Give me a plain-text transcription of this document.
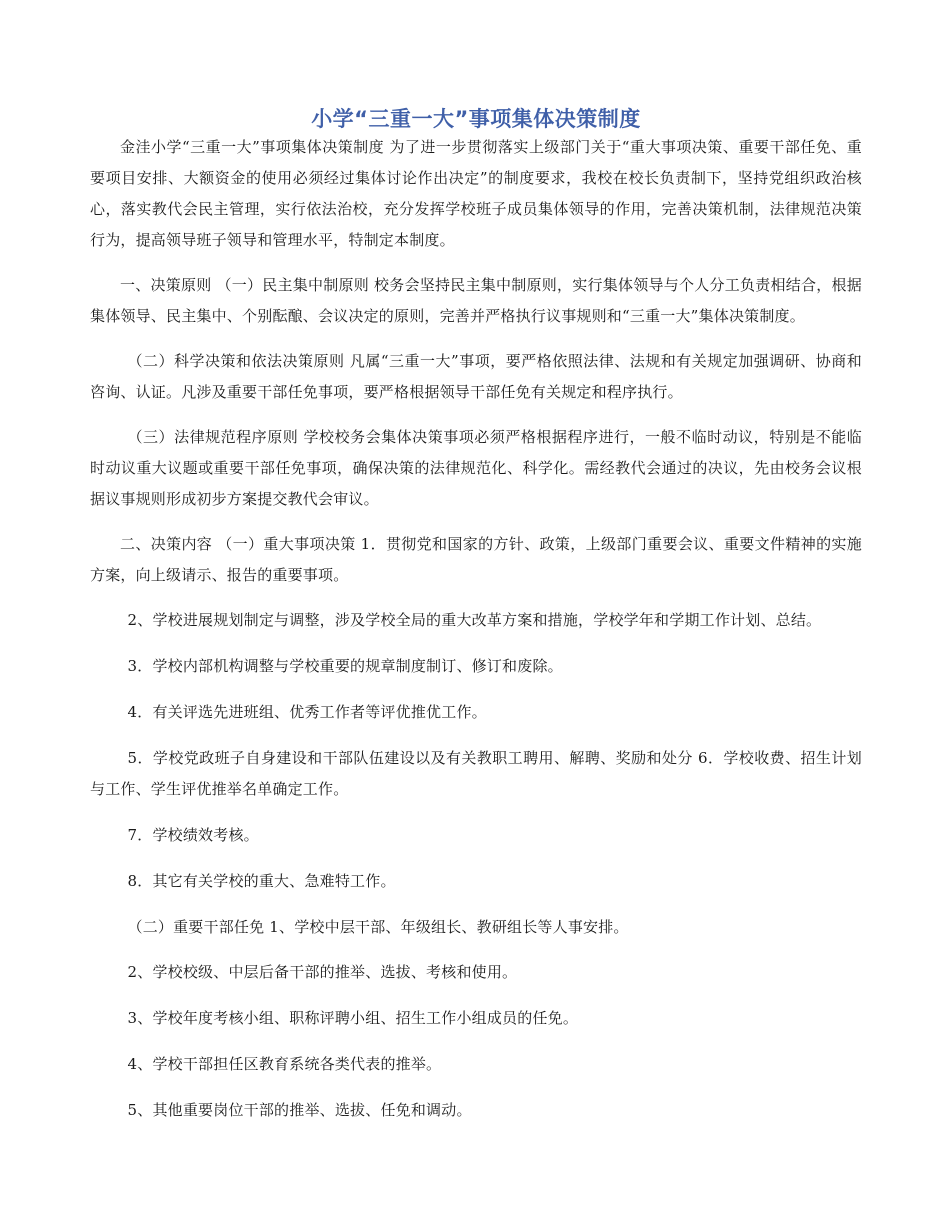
小学“三重一大”事项集体决策制度

金洼小学“三重一大”事项集体决策制度 为了进一步贯彻落实上级部门关于“重大事项决策、重要干部任免、重要项目安排、大额资金的使用必须经过集体讨论作出决定”的制度要求，我校在校长负责制下，坚持党组织政治核心，落实教代会民主管理，实行依法治校，充分发挥学校班子成员集体领导的作用，完善决策机制，法律规范决策行为，提高领导班子领导和管理水平，特制定本制度。

一、决策原则 （一）民主集中制原则 校务会坚持民主集中制原则，实行集体领导与个人分工负责相结合，根据集体领导、民主集中、个别酝酿、会议决定的原则，完善并严格执行议事规则和“三重一大”集体决策制度。

（二）科学决策和依法决策原则 凡属“三重一大”事项，要严格依照法律、法规和有关规定加强调研、协商和咨询、认证。凡涉及重要干部任免事项，要严格根据领导干部任免有关规定和程序执行。

（三）法律规范程序原则 学校校务会集体决策事项必须严格根据程序进行，一般不临时动议，特别是不能临时动议重大议题或重要干部任免事项，确保决策的法律规范化、科学化。需经教代会通过的决议，先由校务会议根据议事规则形成初步方案提交教代会审议。

二、决策内容 （一）重大事项决策 1．贯彻党和国家的方针、政策，上级部门重要会议、重要文件精神的实施方案，向上级请示、报告的重要事项。

2、学校进展规划制定与调整，涉及学校全局的重大改革方案和措施，学校学年和学期工作计划、总结。

3．学校内部机构调整与学校重要的规章制度制订、修订和废除。

4．有关评选先进班组、优秀工作者等评优推优工作。

5．学校党政班子自身建设和干部队伍建设以及有关教职工聘用、解聘、奖励和处分 6．学校收费、招生计划与工作、学生评优推举名单确定工作。

7．学校绩效考核。

8．其它有关学校的重大、急难特工作。

（二）重要干部任免 1、学校中层干部、年级组长、教研组长等人事安排。

2、学校校级、中层后备干部的推举、选拔、考核和使用。

3、学校年度考核小组、职称评聘小组、招生工作小组成员的任免。

4、学校干部担任区教育系统各类代表的推举。

5、其他重要岗位干部的推举、选拔、任免和调动。
